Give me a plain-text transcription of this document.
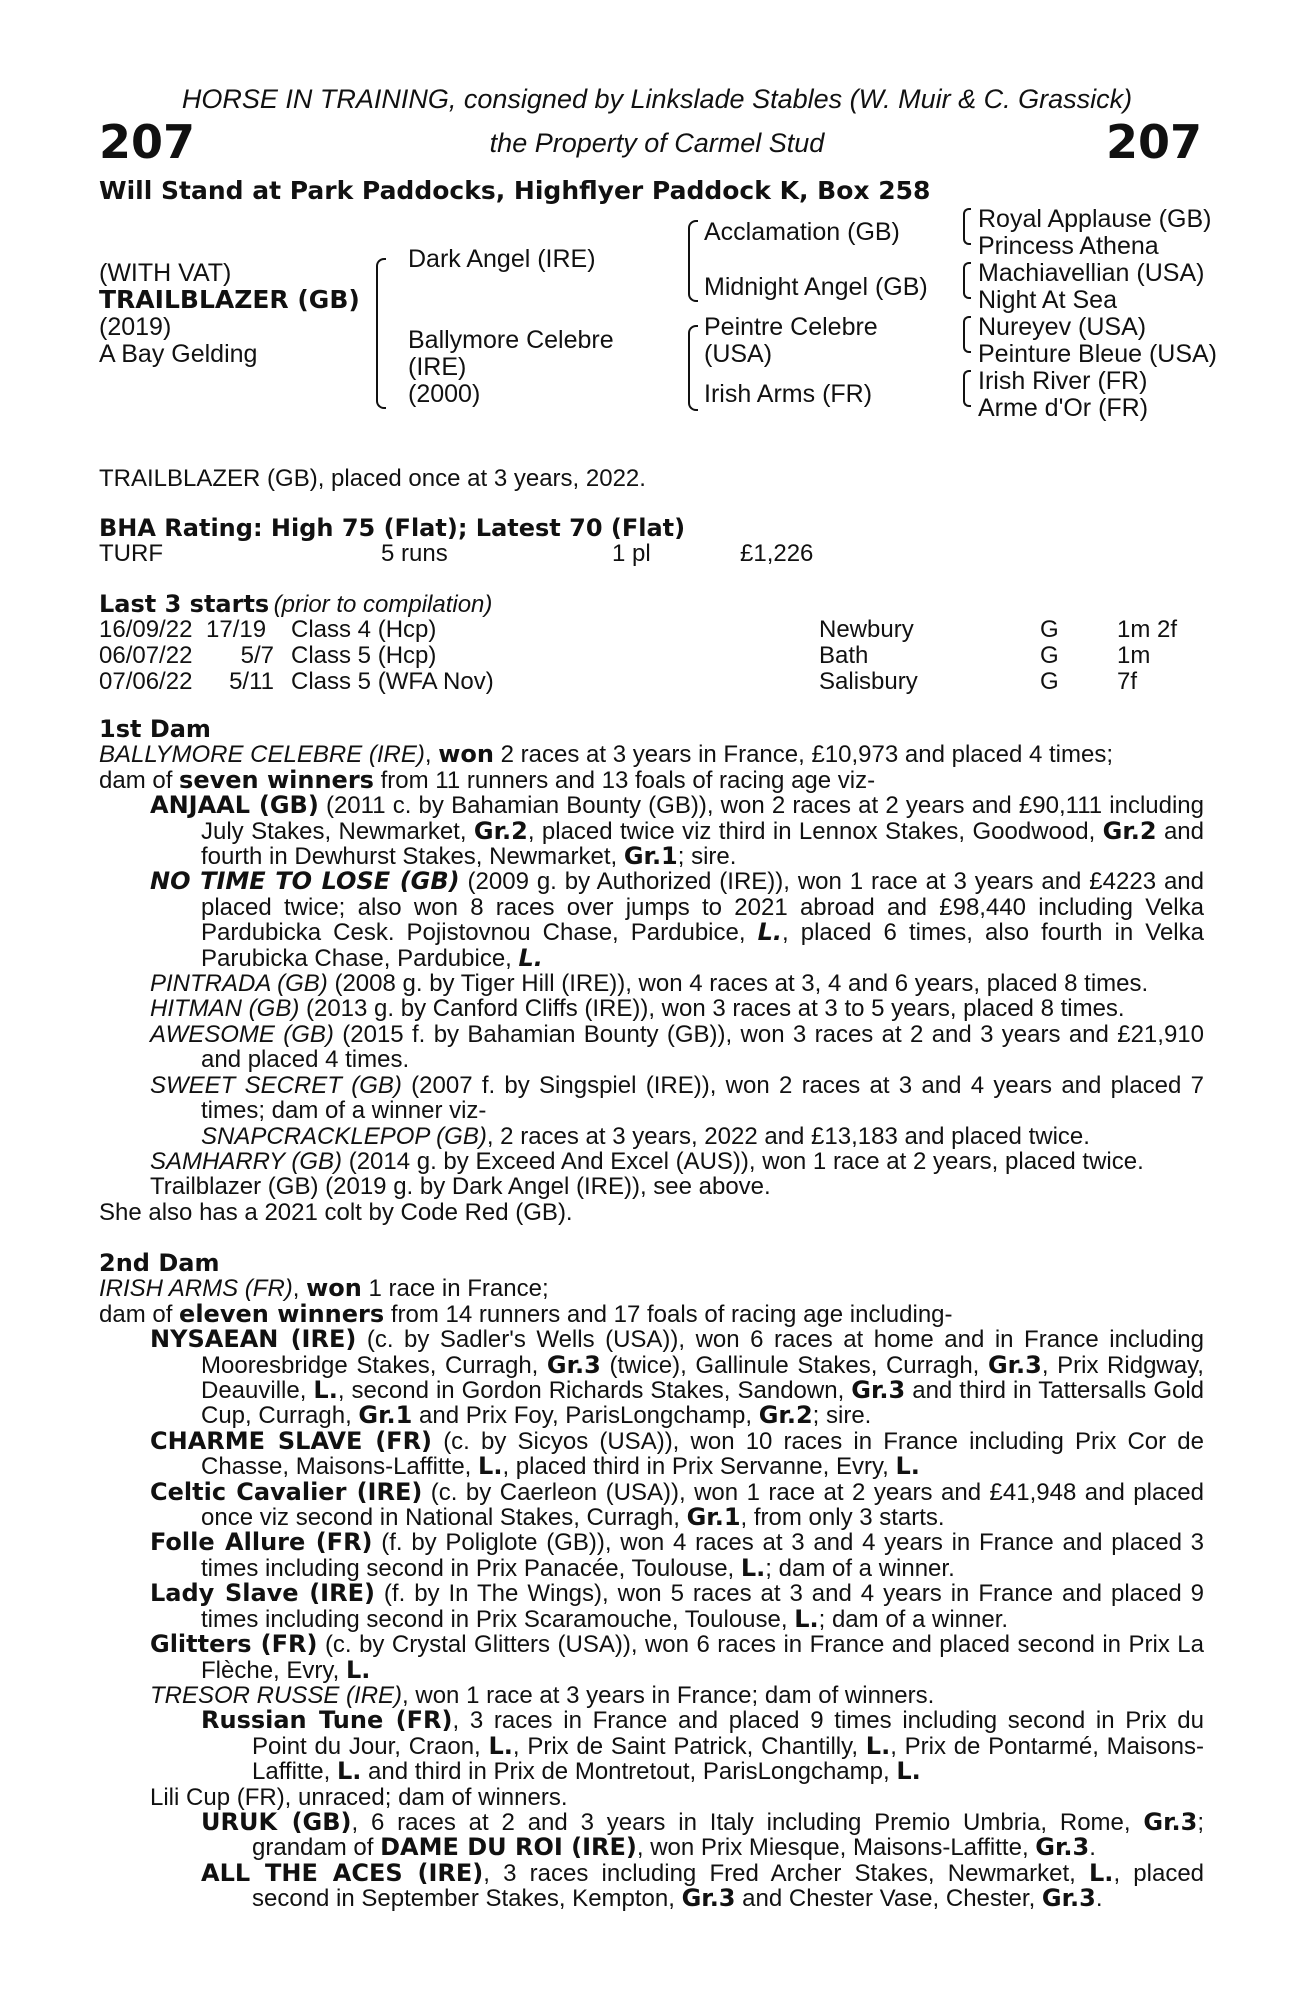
HORSE IN TRAINING, consigned by Linkslade Stables (W. Muir & C. Grassick)
207	the Property of Carmel Stud	207
Will Stand at Park Paddocks, Highflyer Paddock K, Box 258
(WITH VAT)
TRAILBLAZER (GB)
(2019)
A Bay Gelding
Dark Angel (IRE)
Ballymore Celebre
(IRE)
(2000)
Acclamation (GB)
Midnight Angel (GB)
Peintre Celebre
(USA)
Irish Arms (FR)
Royal Applause (GB)
Princess Athena
Machiavellian (USA)
Night At Sea
Nureyev (USA)
Peinture Bleue (USA)
Irish River (FR)
Arme d'Or (FR)
TRAILBLAZER (GB), placed once at 3 years, 2022.
BHA Rating: High 75 (Flat); Latest 70 (Flat)
TURF	5 runs	1 pl	£1,226
Last 3 starts (prior to compilation)
16/09/22 17/19 Class 4 (Hcp)	Newbury	G 1m 2f
06/07/22	5/7 Class 5 (Hcp)	Bath	G 1m
07/06/22	5/11 Class 5 (WFA Nov)	Salisbury	G 7f
1st Dam
BALLYMORE CELEBRE (IRE), won 2 races at 3 years in France, £10,973 and placed 4 times;
dam of seven winners from 11 runners and 13 foals of racing age viz-
ANJAAL (GB) (2011 c. by Bahamian Bounty (GB)), won 2 races at 2 years and £90,111 including July Stakes, Newmarket, Gr.2, placed twice viz third in Lennox Stakes, Goodwood, Gr.2 and fourth in Dewhurst Stakes, Newmarket, Gr.1; sire.
NO TIME TO LOSE (GB) (2009 g. by Authorized (IRE)), won 1 race at 3 years and £4223 and placed twice; also won 8 races over jumps to 2021 abroad and £98,440 including Velka Pardubicka Cesk. Pojistovnou Chase, Pardubice, L., placed 6 times, also fourth in Velka Parubicka Chase, Pardubice, L.
PINTRADA (GB) (2008 g. by Tiger Hill (IRE)), won 4 races at 3, 4 and 6 years, placed 8 times.
HITMAN (GB) (2013 g. by Canford Cliffs (IRE)), won 3 races at 3 to 5 years, placed 8 times.
AWESOME (GB) (2015 f. by Bahamian Bounty (GB)), won 3 races at 2 and 3 years and £21,910 and placed 4 times.
SWEET SECRET (GB) (2007 f. by Singspiel (IRE)), won 2 races at 3 and 4 years and placed 7 times; dam of a winner viz-
SNAPCRACKLEPOP (GB), 2 races at 3 years, 2022 and £13,183 and placed twice.
SAMHARRY (GB) (2014 g. by Exceed And Excel (AUS)), won 1 race at 2 years, placed twice.
Trailblazer (GB) (2019 g. by Dark Angel (IRE)), see above.
She also has a 2021 colt by Code Red (GB).
2nd Dam
IRISH ARMS (FR), won 1 race in France;
dam of eleven winners from 14 runners and 17 foals of racing age including-
NYSAEAN (IRE) (c. by Sadler's Wells (USA)), won 6 races at home and in France including Mooresbridge Stakes, Curragh, Gr.3 (twice), Gallinule Stakes, Curragh, Gr.3, Prix Ridgway, Deauville, L., second in Gordon Richards Stakes, Sandown, Gr.3 and third in Tattersalls Gold Cup, Curragh, Gr.1 and Prix Foy, ParisLongchamp, Gr.2; sire.
CHARME SLAVE (FR) (c. by Sicyos (USA)), won 10 races in France including Prix Cor de Chasse, Maisons-Laffitte, L., placed third in Prix Servanne, Evry, L.
Celtic Cavalier (IRE) (c. by Caerleon (USA)), won 1 race at 2 years and £41,948 and placed once viz second in National Stakes, Curragh, Gr.1, from only 3 starts.
Folle Allure (FR) (f. by Poliglote (GB)), won 4 races at 3 and 4 years in France and placed 3 times including second in Prix Panacée, Toulouse, L.; dam of a winner.
Lady Slave (IRE) (f. by In The Wings), won 5 races at 3 and 4 years in France and placed 9 times including second in Prix Scaramouche, Toulouse, L.; dam of a winner.
Glitters (FR) (c. by Crystal Glitters (USA)), won 6 races in France and placed second in Prix La Flèche, Evry, L.
TRESOR RUSSE (IRE), won 1 race at 3 years in France; dam of winners.
Russian Tune (FR), 3 races in France and placed 9 times including second in Prix du Point du Jour, Craon, L., Prix de Saint Patrick, Chantilly, L., Prix de Pontarmé, Maisons-Laffitte, L. and third in Prix de Montretout, ParisLongchamp, L.
Lili Cup (FR), unraced; dam of winners.
URUK (GB), 6 races at 2 and 3 years in Italy including Premio Umbria, Rome, Gr.3; grandam of DAME DU ROI (IRE), won Prix Miesque, Maisons-Laffitte, Gr.3.
ALL THE ACES (IRE), 3 races including Fred Archer Stakes, Newmarket, L., placed second in September Stakes, Kempton, Gr.3 and Chester Vase, Chester, Gr.3.
